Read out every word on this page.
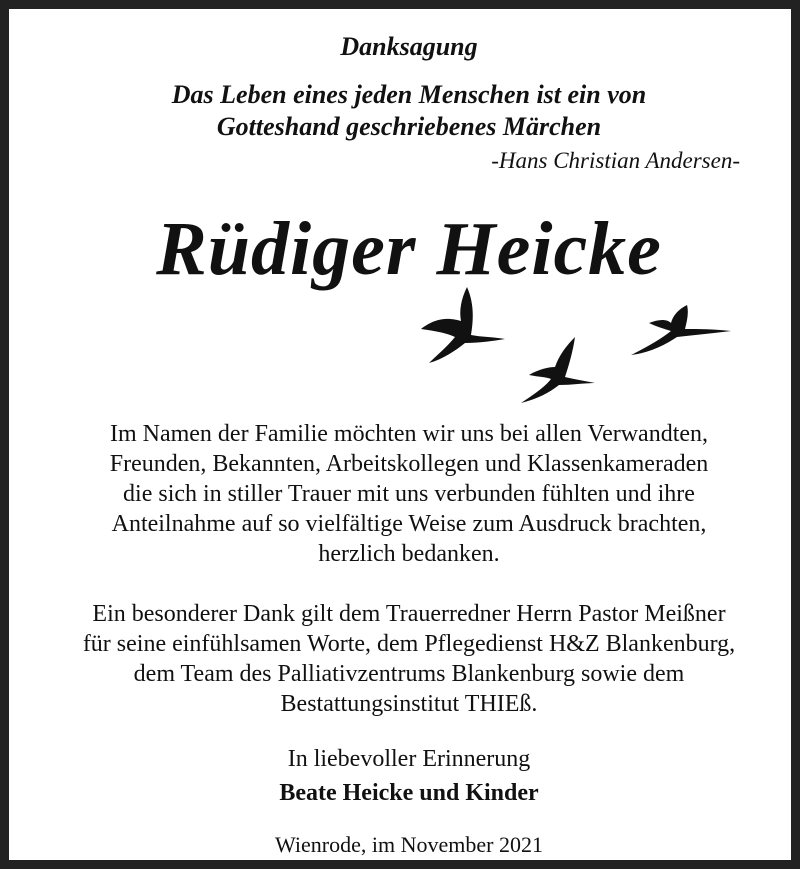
Danksagung
Das Leben eines jeden Menschen ist ein von
Gotteshand geschriebenes Märchen
-Hans Christian Andersen-
Rüdiger Heicke
Im Namen der Familie möchten wir uns bei allen Verwandten,
Freunden, Bekannten, Arbeitskollegen und Klassenkameraden
die sich in stiller Trauer mit uns verbunden fühlten und ihre
Anteilnahme auf so vielfältige Weise zum Ausdruck brachten,
herzlich bedanken.
Ein besonderer Dank gilt dem Trauerredner Herrn Pastor Meißner
für seine einfühlsamen Worte, dem Pflegedienst H&Z Blankenburg,
dem Team des Palliativzentrums Blankenburg sowie dem
Bestattungsinstitut THIEß.
In liebevoller Erinnerung
Beate Heicke und Kinder
Wienrode, im November 2021
